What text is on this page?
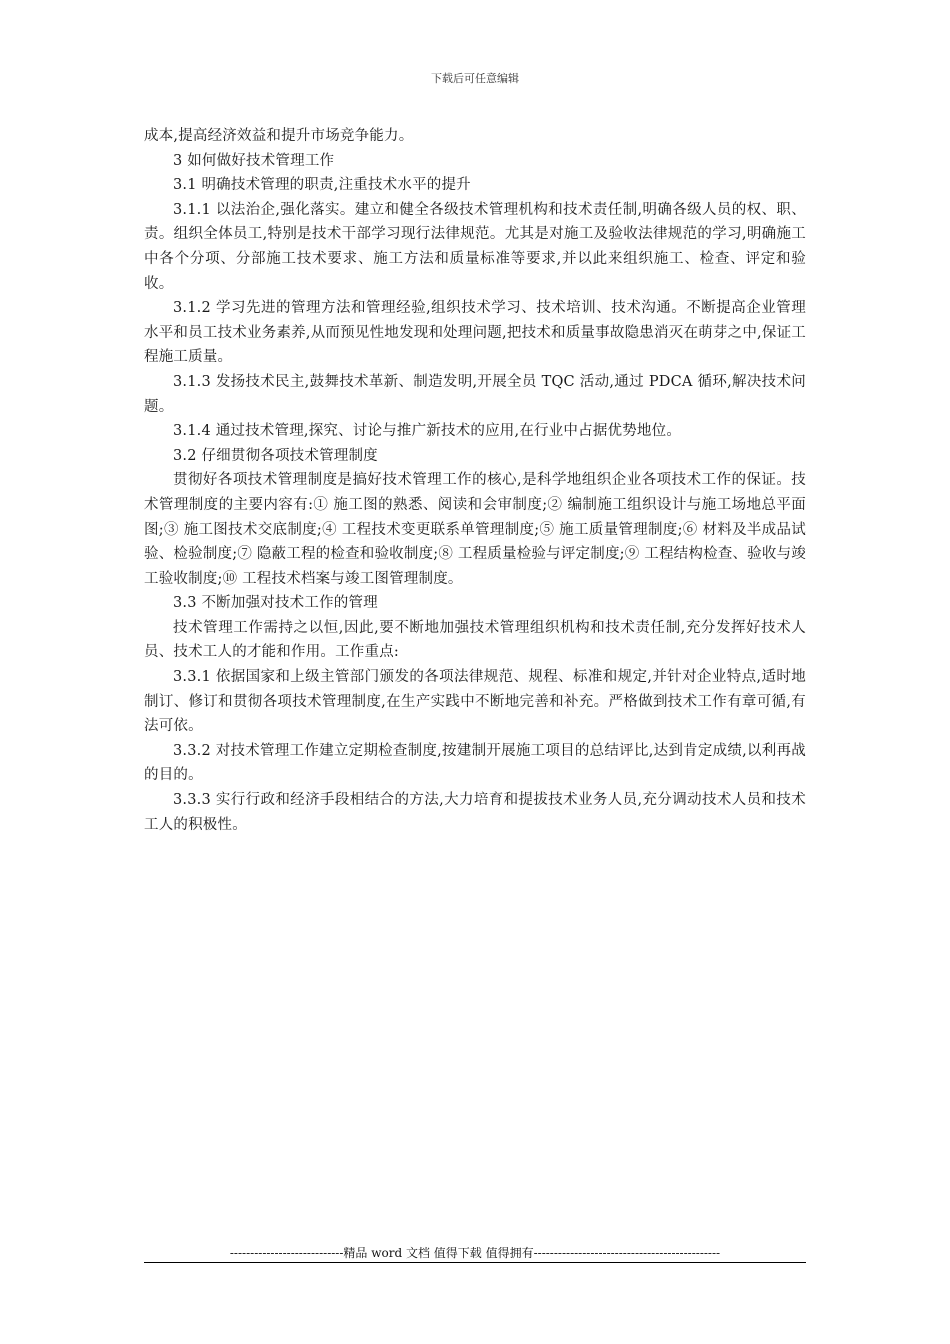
下载后可任意编辑

成本,提高经济效益和提升市场竞争能力。

3 如何做好技术管理工作

3.1 明确技术管理的职责,注重技术水平的提升

3.1.1 以法治企,强化落实。建立和健全各级技术管理机构和技术责任制,明确各级人员的权、职、责。组织全体员工,特别是技术干部学习现行法律规范。尤其是对施工及验收法律规范的学习,明确施工中各个分项、分部施工技术要求、施工方法和质量标准等要求,并以此来组织施工、检查、评定和验收。

3.1.2 学习先进的管理方法和管理经验,组织技术学习、技术培训、技术沟通。不断提高企业管理水平和员工技术业务素养,从而预见性地发现和处理问题,把技术和质量事故隐患消灭在萌芽之中,保证工程施工质量。

3.1.3 发扬技术民主,鼓舞技术革新、制造发明,开展全员 TQC 活动,通过 PDCA 循环,解决技术问题。

3.1.4 通过技术管理,探究、讨论与推广新技术的应用,在行业中占据优势地位。

3.2 仔细贯彻各项技术管理制度

贯彻好各项技术管理制度是搞好技术管理工作的核心,是科学地组织企业各项技术工作的保证。技术管理制度的主要内容有:① 施工图的熟悉、阅读和会审制度;② 编制施工组织设计与施工场地总平面图;③ 施工图技术交底制度;④ 工程技术变更联系单管理制度;⑤ 施工质量管理制度;⑥ 材料及半成品试验、检验制度;⑦ 隐蔽工程的检查和验收制度;⑧ 工程质量检验与评定制度;⑨ 工程结构检查、验收与竣工验收制度;⑩ 工程技术档案与竣工图管理制度。

3.3 不断加强对技术工作的管理

技术管理工作需持之以恒,因此,要不断地加强技术管理组织机构和技术责任制,充分发挥好技术人员、技术工人的才能和作用。工作重点:

3.3.1 依据国家和上级主管部门颁发的各项法律规范、规程、标准和规定,并针对企业特点,适时地制订、修订和贯彻各项技术管理制度,在生产实践中不断地完善和补充。严格做到技术工作有章可循,有法可依。

3.3.2 对技术管理工作建立定期检查制度,按建制开展施工项目的总结评比,达到肯定成绩,以利再战的目的。

3.3.3 实行行政和经济手段相结合的方法,大力培育和提拔技术业务人员,充分调动技术人员和技术工人的积极性。

----------------------------精品 word 文档 值得下载 值得拥有----------------------------------------------
